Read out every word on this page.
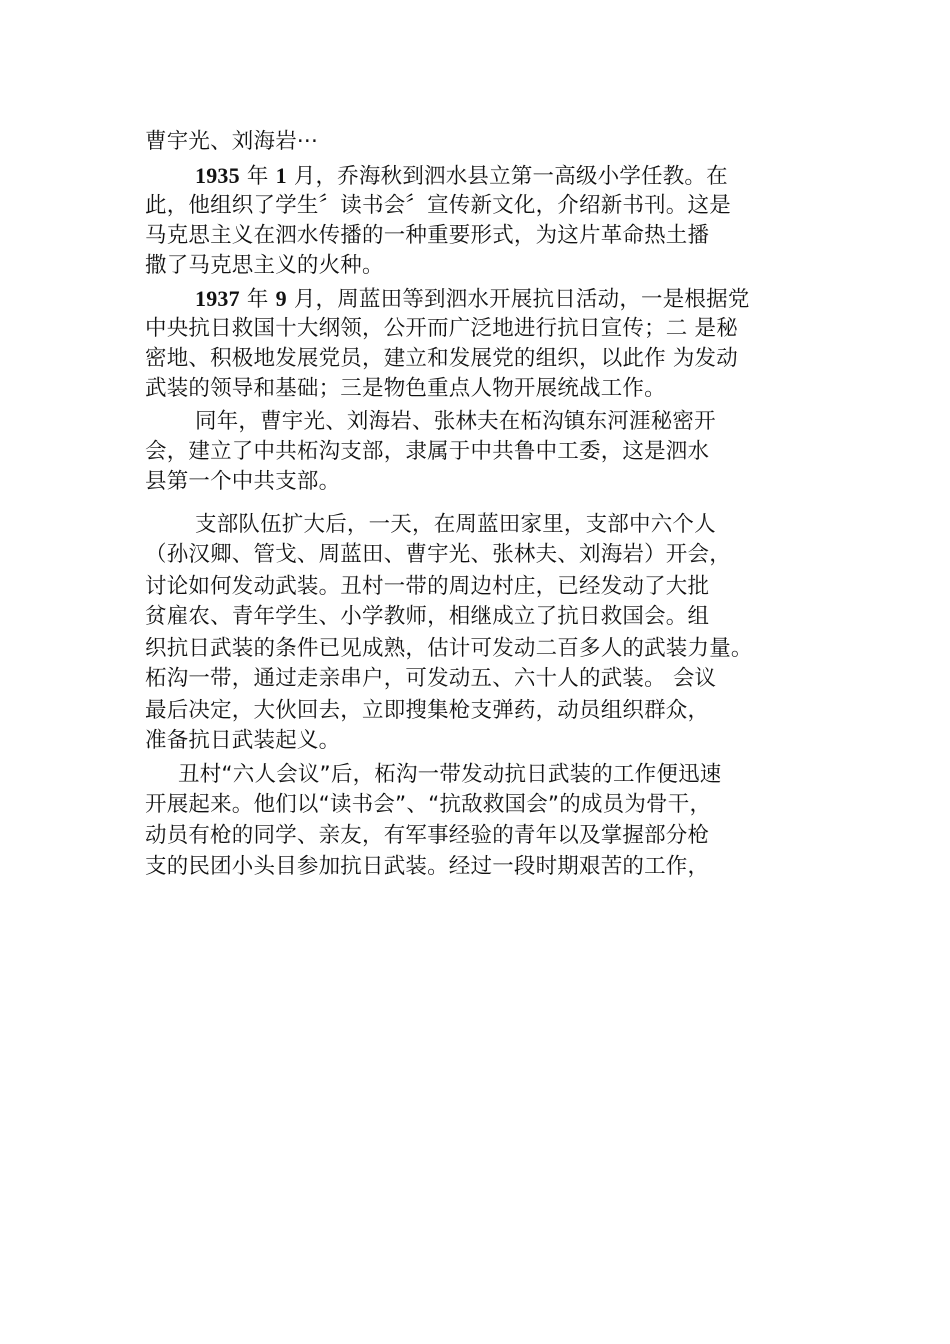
曹宇光、刘海岩···
1935 年 1 月，乔海秋到泗水县立第一高级小学任教。在
此，他组织了学生〞读书会〞宣传新文化，介绍新书刊。这是
马克思主义在泗水传播的一种重要形式，为这片革命热土播
撒了马克思主义的火种。
1937 年 9 月，周蓝田等到泗水开展抗日活动，一是根据党
中央抗日救国十大纲领，公开而广泛地进行抗日宣传；二 是秘
密地、积极地发展党员，建立和发展党的组织，以此作 为发动
武装的领导和基础；三是物色重点人物开展统战工作。
同年，曹宇光、刘海岩、张林夫在柘沟镇东河涯秘密开
会，建立了中共柘沟支部，隶属于中共鲁中工委，这是泗水
县第一个中共支部。
支部队伍扩大后，一天，在周蓝田家里，支部中六个人
（孙汉卿、管戈、周蓝田、曹宇光、张林夫、刘海岩）开会，
讨论如何发动武装。丑村一带的周边村庄，已经发动了大批
贫雇农、青年学生、小学教师，相继成立了抗日救国会。组
织抗日武装的条件已见成熟，估计可发动二百多人的武装力量。
柘沟一带，通过走亲串户，可发动五、六十人的武装。 会议
最后决定，大伙回去，立即搜集枪支弹药，动员组织群众，
准备抗日武装起义。
丑村“六人会议”后，柘沟一带发动抗日武装的工作便迅速
开展起来。他们以“读书会”、“抗敌救国会”的成员为骨干，
动员有枪的同学、亲友，有军事经验的青年以及掌握部分枪
支的民团小头目参加抗日武装。经过一段时期艰苦的工作，
